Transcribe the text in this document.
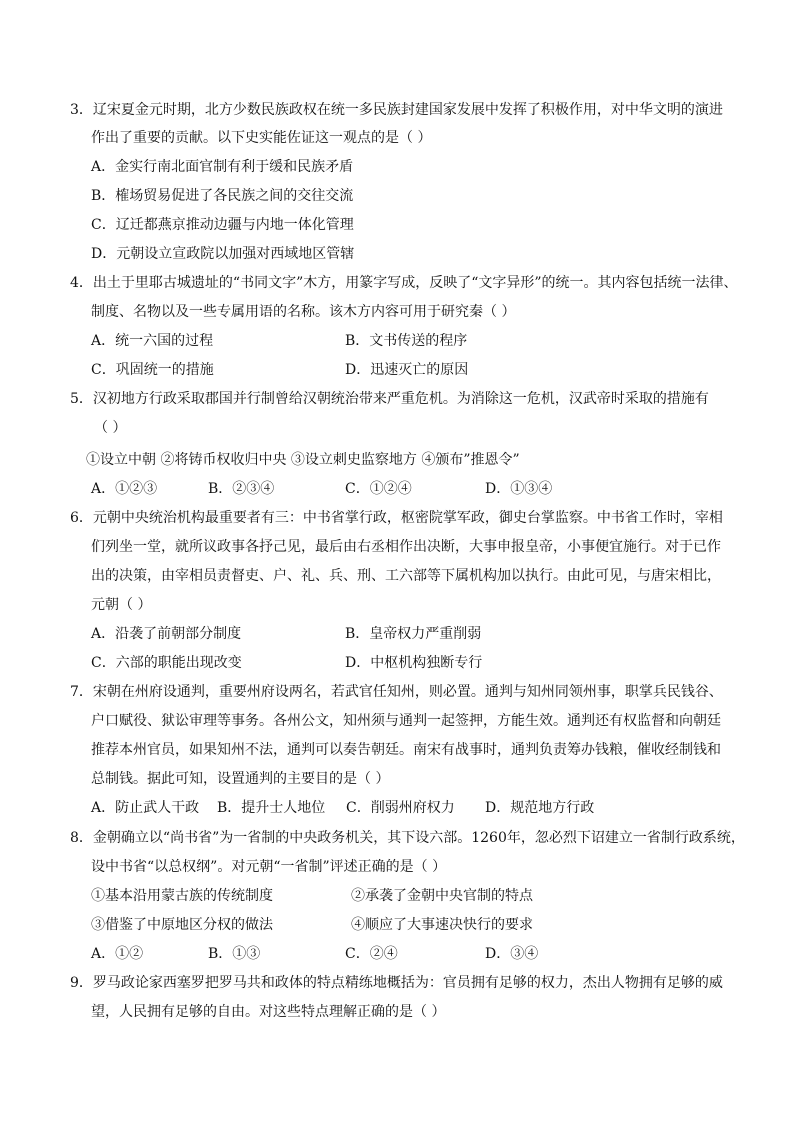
3．辽宋夏金元时期，北方少数民族政权在统一多民族封建国家发展中发挥了积极作用，对中华文明的演进
作出了重要的贡献。以下史实能佐证这一观点的是（ ）
A．金实行南北面官制有利于缓和民族矛盾
B．榷场贸易促进了各民族之间的交往交流
C．辽迁都燕京推动边疆与内地一体化管理
D．元朝设立宣政院以加强对西域地区管辖
4．出土于里耶古城遗址的“书同文字”木方，用篆字写成，反映了“文字异形”的统一。其内容包括统一法律、
制度、名物以及一些专属用语的名称。该木方内容可用于研究秦（ ）
A．统一六国的过程	B．文书传送的程序
C．巩固统一的措施	D．迅速灭亡的原因
5．汉初地方行政采取郡国并行制曾给汉朝统治带来严重危机。为消除这一危机，汉武帝时采取的措施有
（ ）
①设立中朝 ②将铸币权收归中央 ③设立刺史监察地方 ④颁布”推恩令”
A．①②③	B．②③④	C．①②④	D．①③④
6．元朝中央统治机构最重要者有三：中书省掌行政，枢密院掌军政，御史台掌监察。中书省工作时，宰相
们列坐一堂，就所议政事各抒己见，最后由右丞相作出决断，大事申报皇帝，小事便宜施行。对于已作
出的决策，由宰相员责督吏、户、礼、兵、刑、工六部等下属机构加以执行。由此可见，与唐宋相比，
元朝（ ）
A．沿袭了前朝部分制度	B．皇帝权力严重削弱
C．六部的职能出现改变	D．中枢机构独断专行
7．宋朝在州府设通判，重要州府设两名，若武官任知州，则必置。通判与知州同领州事，职掌兵民钱谷、
户口赋役、狱讼审理等事务。各州公文，知州须与通判一起签押，方能生效。通判还有权监督和向朝廷
推荐本州官员，如果知州不法，通判可以奏告朝廷。南宋有战事时，通判负责筹办钱粮，催收经制钱和
总制钱。据此可知，设置通判的主要目的是（ ）
A．防止武人干政 B．提升士人地位 C．削弱州府权力 D．规范地方行政
8．金朝确立以“尚书省”为一省制的中央政务机关，其下设六部。1260年，忽必烈下诏建立一省制行政系统，
设中书省“以总权纲”。对元朝“一省制”评述正确的是（ ）
①基本沿用蒙古族的传统制度	②承袭了金朝中央官制的特点
③借鉴了中原地区分权的做法	④顺应了大事速决快行的要求
A．①②	B．①③	C．②④	D．③④
9．罗马政论家西塞罗把罗马共和政体的特点精练地概括为：官员拥有足够的权力，杰出人物拥有足够的威
望，人民拥有足够的自由。对这些特点理解正确的是（ ）
